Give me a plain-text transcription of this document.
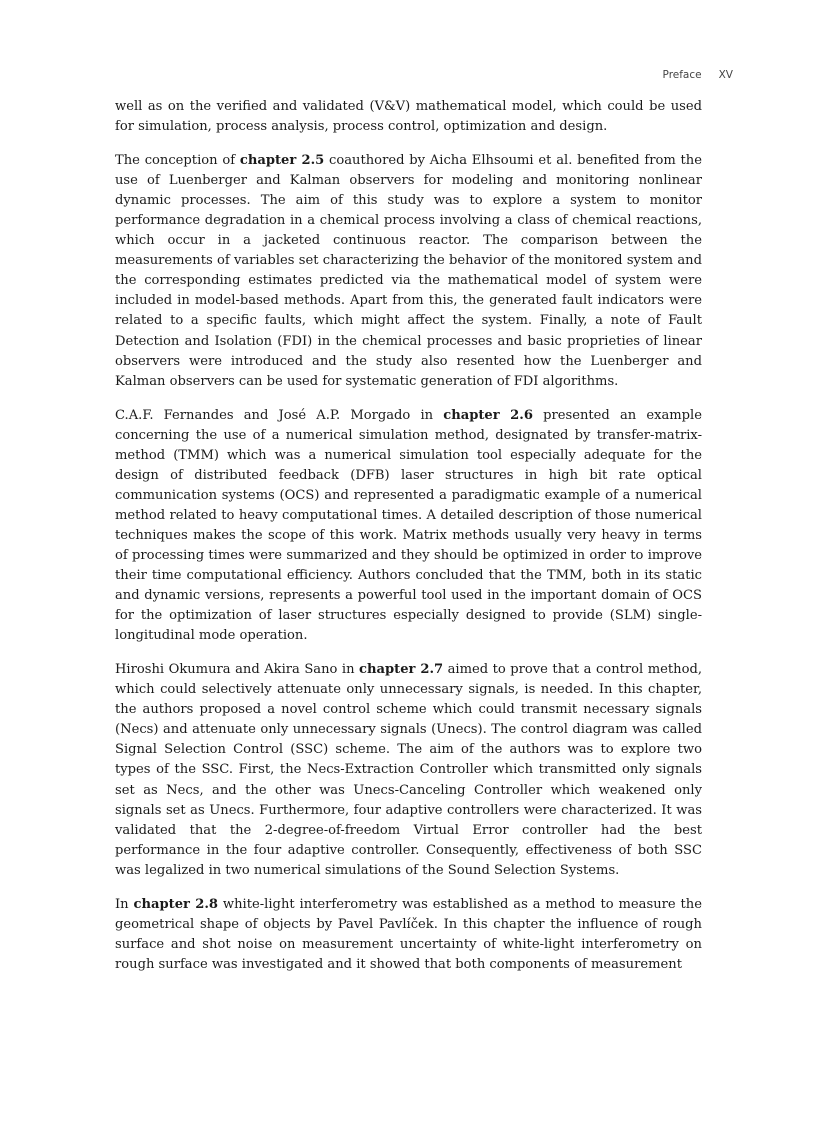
Preface XV

well as on the verified and validated (V&V) mathematical model, which could be used for simulation, process analysis, process control, optimization and design.

The conception of chapter 2.5 coauthored by Aicha Elhsoumi et al. benefited from the use of Luenberger and Kalman observers for modeling and monitoring nonlinear dynamic processes. The aim of this study was to explore a system to monitor performance degradation in a chemical process involving a class of chemical reactions, which occur in a jacketed continuous reactor. The comparison between the measurements of variables set characterizing the behavior of the monitored system and the corresponding estimates predicted via the mathematical model of system were included in model-based methods. Apart from this, the generated fault indicators were related to a specific faults, which might affect the system. Finally, a note of Fault Detection and Isolation (FDI) in the chemical processes and basic proprieties of linear observers were introduced and the study also resented how the Luenberger and Kalman observers can be used for systematic generation of FDI algorithms.

C.A.F. Fernandes and José A.P. Morgado in chapter 2.6 presented an example concerning the use of a numerical simulation method, designated by transfer-matrix-method (TMM) which was a numerical simulation tool especially adequate for the design of distributed feedback (DFB) laser structures in high bit rate optical communication systems (OCS) and represented a paradigmatic example of a numerical method related to heavy computational times. A detailed description of those numerical techniques makes the scope of this work. Matrix methods usually very heavy in terms of processing times were summarized and they should be optimized in order to improve their time computational efficiency. Authors concluded that the TMM, both in its static and dynamic versions, represents a powerful tool used in the important domain of OCS for the optimization of laser structures especially designed to provide (SLM) single-longitudinal mode operation.

Hiroshi Okumura and Akira Sano in chapter 2.7 aimed to prove that a control method, which could selectively attenuate only unnecessary signals, is needed. In this chapter, the authors proposed a novel control scheme which could transmit necessary signals (Necs) and attenuate only unnecessary signals (Unecs). The control diagram was called Signal Selection Control (SSC) scheme. The aim of the authors was to explore two types of the SSC. First, the Necs-Extraction Controller which transmitted only signals set as Necs, and the other was Unecs-Canceling Controller which weakened only signals set as Unecs. Furthermore, four adaptive controllers were characterized. It was validated that the 2-degree-of-freedom Virtual Error controller had the best performance in the four adaptive controller. Consequently, effectiveness of both SSC was legalized in two numerical simulations of the Sound Selection Systems.

In chapter 2.8 white-light interferometry was established as a method to measure the geometrical shape of objects by Pavel Pavlíček. In this chapter the influence of rough surface and shot noise on measurement uncertainty of white-light interferometry on rough surface was investigated and it showed that both components of measurement
